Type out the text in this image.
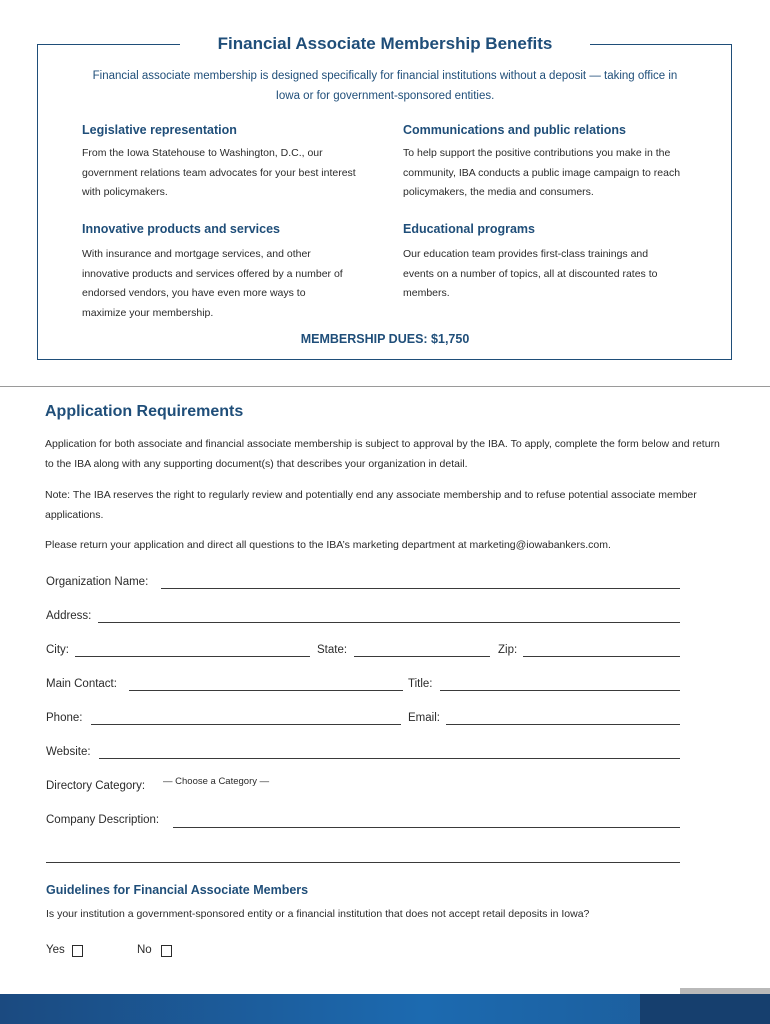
Financial Associate Membership Benefits
Financial associate membership is designed specifically for financial institutions without a deposit — taking office in Iowa or for government-sponsored entities.
Legislative representation
From the Iowa Statehouse to Washington, D.C., our government relations team advocates for your best interest with policymakers.
Communications and public relations
To help support the positive contributions you make in the community, IBA conducts a public image campaign to reach policymakers, the media and consumers.
Innovative products and services
With insurance and mortgage services, and other innovative products and services offered by a number of endorsed vendors, you have even more ways to maximize your membership.
Educational programs
Our education team provides first-class trainings and events on a number of topics, all at discounted rates to members.
MEMBERSHIP DUES: $1,750
Application Requirements
Application for both associate and financial associate membership is subject to approval by the IBA. To apply, complete the form below and return to the IBA along with any supporting document(s) that describes your organization in detail.
Note: The IBA reserves the right to regularly review and potentially end any associate membership and to refuse potential associate member applications.
Please return your application and direct all questions to the IBA’s marketing department at marketing@iowabankers.com.
Organization Name:
Address:
City:	State:	Zip:
Main Contact:	Title:
Phone:	Email:
Website:
Directory Category: — Choose a Category —
Company Description:
Guidelines for Financial Associate Members
Is your institution a government-sponsored entity or a financial institution that does not accept retail deposits in Iowa?
Yes	No
